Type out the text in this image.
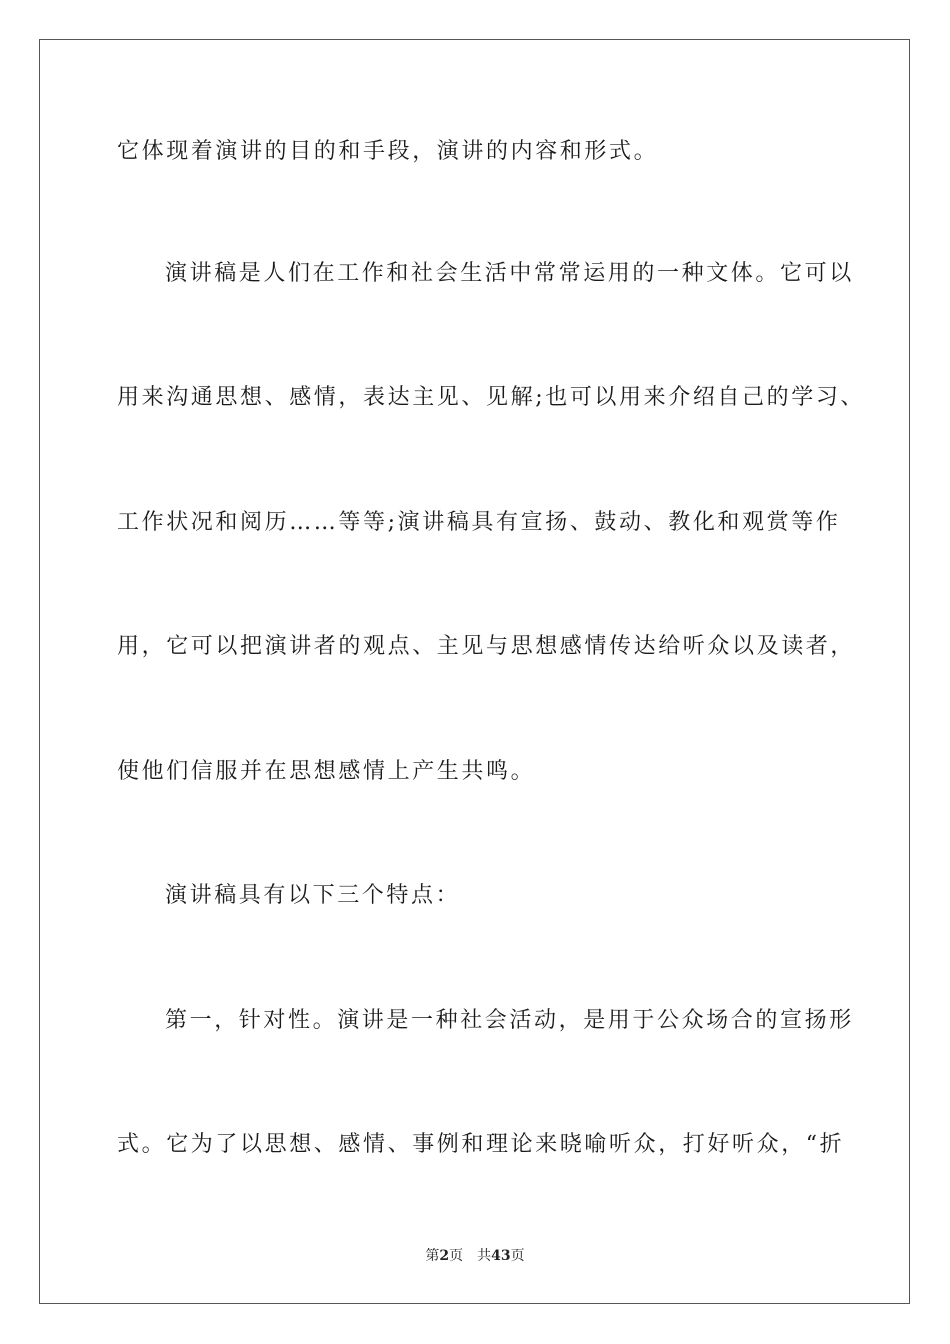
它体现着演讲的目的和手段，演讲的内容和形式。
演讲稿是人们在工作和社会生活中常常运用的一种文体。它可以
用来沟通思想、感情，表达主见、见解;也可以用来介绍自己的学习、
工作状况和阅历……等等;演讲稿具有宣扬、鼓动、教化和观赏等作
用，它可以把演讲者的观点、主见与思想感情传达给听众以及读者，
使他们信服并在思想感情上产生共鸣。
演讲稿具有以下三个特点：
第一，针对性。演讲是一种社会活动，是用于公众场合的宣扬形
式。它为了以思想、感情、事例和理论来晓喻听众，打好听众，“折
第2页 共43页
